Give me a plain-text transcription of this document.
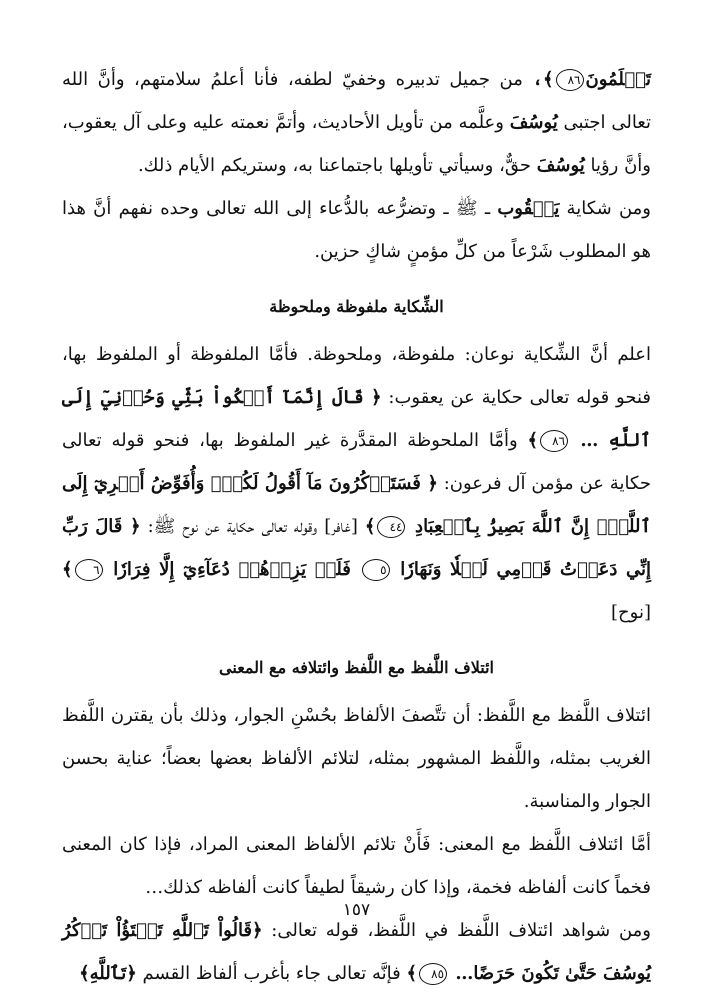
تَعۡلَمُونَ٨٦﴾، من جميل تدبيره وخفيّ لطفه، فأنا أعلمُ سلامتهم، وأنَّ الله تعالى اجتبى يُوسُفَ وعلَّمه من تأويل الأحاديث، وأتمَّ نعمته عليه وعلى آل يعقوب، وأنَّ رؤيا يُوسُفَ حقٌّ، وسيأتي تأويلها باجتماعنا به، وستريكم الأيام ذلك.

ومن شكاية يَعۡقُوب ـ ﷺ ـ وتضرُّعه بالدُّعاء إلى الله تعالى وحده نفهم أنَّ هذا هو المطلوب شَرْعاً من كلِّ مؤمنٍ شاكٍ حزين.

الشِّكاية ملفوظة وملحوظة

اعلم أنَّ الشِّكاية نوعان: ملفوظة، وملحوظة. فأمَّا الملفوظة أو الملفوظ بها، فنحو قوله تعالى حكاية عن يعقوب: ﴿ قَالَ إِنَّمَآ أَشۡكُواْ بَثِّي وَحُزۡنِيٓ إِلَى ٱللَّهِ … ٨٦﴾ وأمَّا الملحوظة المقدَّرة غير الملفوظ بها، فنحو قوله تعالى حكاية عن مؤمن آل فرعون: ﴿ فَسَتَذۡكُرُونَ مَآ أَقُولُ لَكُمۡۚ وَأُفَوِّضُ أَمۡرِيٓ إِلَى ٱللَّهِۚ إِنَّ ٱللَّهَ بَصِيرُۢ بِٱلۡعِبَادِ ٤٤﴾ [غافر] وقوله تعالى حكاية عن نوح ﷺ: ﴿ قَالَ رَبِّ إِنِّي دَعَوۡتُ قَوۡمِي لَيۡلٗا وَنَهَارٗا ٥ فَلَمۡ يَزِدۡهُمۡ دُعَآءِيٓ إِلَّا فِرَارٗا ٦﴾ [نوح]

ائتلاف اللَّفظ مع اللَّفظ وائتلافه مع المعنى

ائتلاف اللَّفظ مع اللَّفظ: أن تتَّصفَ الألفاظ بحُسْنِ الجوار، وذلك بأن يقترن اللَّفظ الغريب بمثله، واللَّفظ المشهور بمثله، لتلائم الألفاظ بعضها بعضاً؛ عناية بحسن الجوار والمناسبة.

أمَّا ائتلاف اللَّفظ مع المعنى: فَأَنْ تلائم الألفاظ المعنى المراد، فإذا كان المعنى فخماً كانت ألفاظه فخمة، وإذا كان رشيقاً لطيفاً كانت ألفاظه كذلك…

ومن شواهد ائتلاف اللَّفظ في اللَّفظ، قوله تعالى: ﴿قَالُواْ تَٱللَّهِ تَفۡتَؤُاْ تَذۡكُرُ يُوسُفَ حَتَّىٰ تَكُونَ حَرَضًا… ٨٥﴾ فإنَّه تعالى جاء بأغرب ألفاظ القسم ﴿تَٱللَّهِ﴾

١٥٧
